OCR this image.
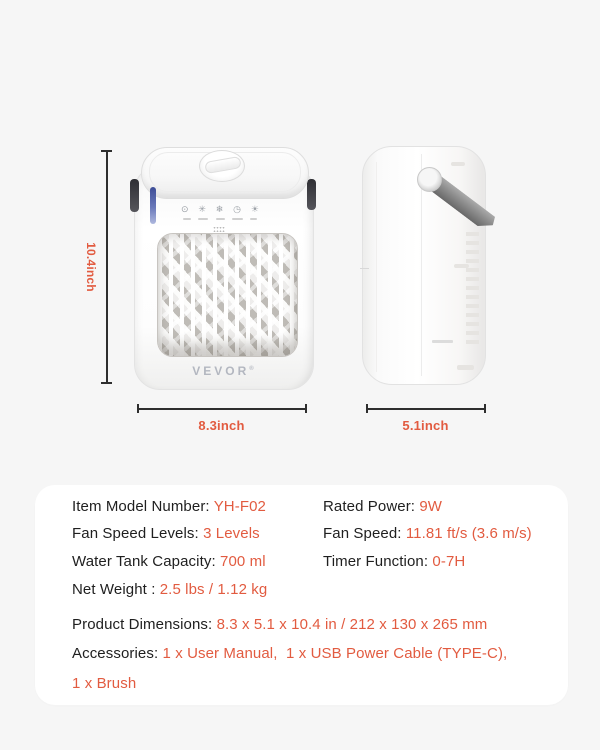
10.4inch
⊙ ✳ ❄ ◷ ☀
VEVOR®
8.3inch	5.1inch
Item Model Number: YH-F02	Rated Power: 9W
Fan Speed Levels: 3 Levels	Fan Speed: 11.81 ft/s (3.6 m/s)
Water Tank Capacity: 700 ml	Timer Function: 0-7H
Net Weight : 2.5 lbs / 1.12 kg
Product Dimensions: 8.3 x 5.1 x 10.4 in / 212 x 130 x 265 mm
Accessories: 1 x User Manual,  1 x USB Power Cable (TYPE-C),
1 x Brush
